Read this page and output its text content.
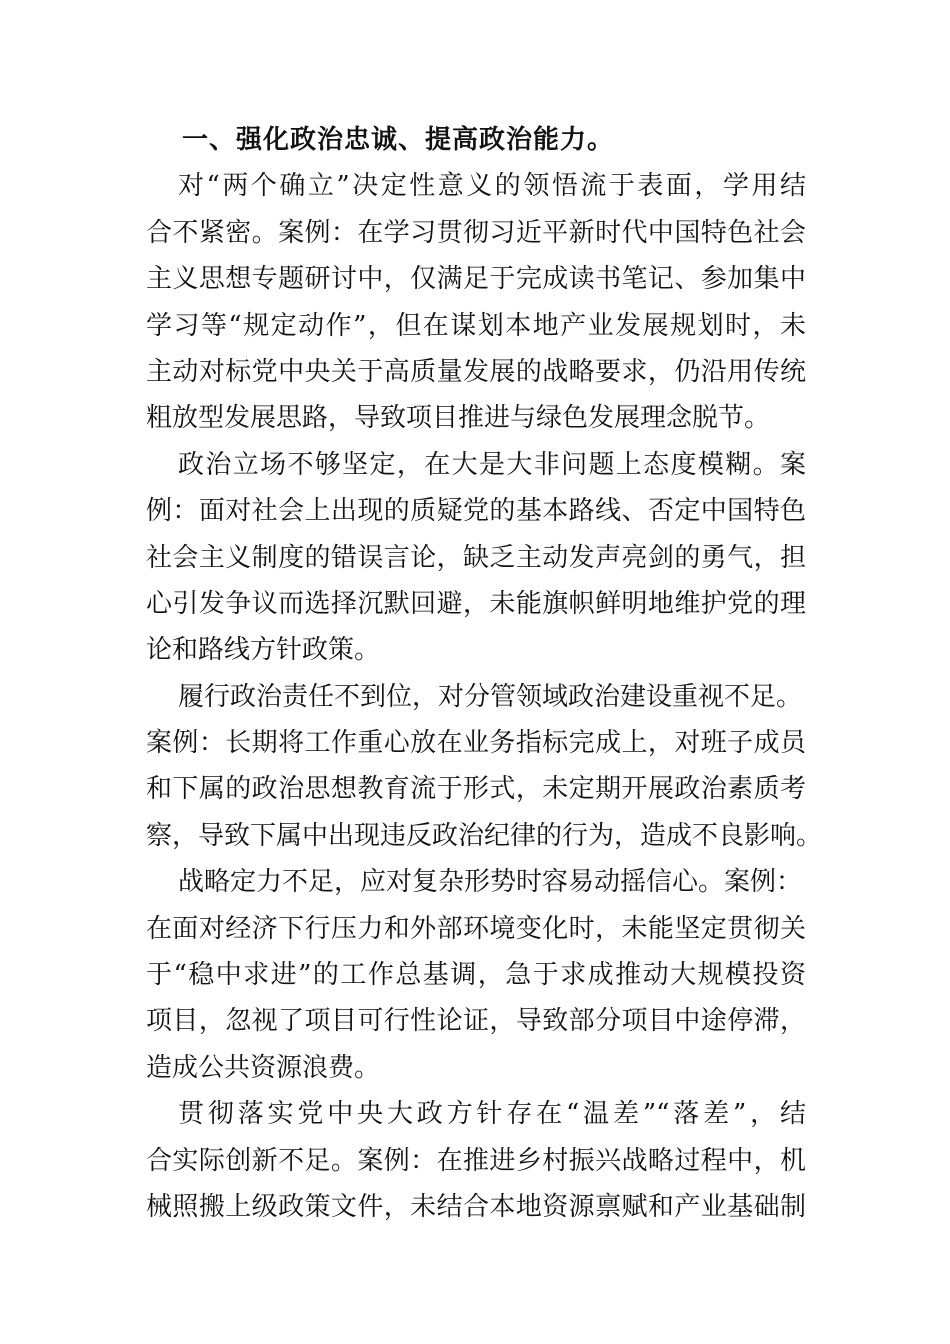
一、强化政治忠诚、提高政治能力。
对“两个确立”决定性意义的领悟流于表面，学用结
合不紧密。案例：在学习贯彻习近平新时代中国特色社会
主义思想专题研讨中，仅满足于完成读书笔记、参加集中
学习等“规定动作”，但在谋划本地产业发展规划时，未
主动对标党中央关于高质量发展的战略要求，仍沿用传统
粗放型发展思路，导致项目推进与绿色发展理念脱节。
政治立场不够坚定，在大是大非问题上态度模糊。案
例：面对社会上出现的质疑党的基本路线、否定中国特色
社会主义制度的错误言论，缺乏主动发声亮剑的勇气，担
心引发争议而选择沉默回避，未能旗帜鲜明地维护党的理
论和路线方针政策。
履行政治责任不到位，对分管领域政治建设重视不足。
案例：长期将工作重心放在业务指标完成上，对班子成员
和下属的政治思想教育流于形式，未定期开展政治素质考
察，导致下属中出现违反政治纪律的行为，造成不良影响。
战略定力不足，应对复杂形势时容易动摇信心。案例：
在面对经济下行压力和外部环境变化时，未能坚定贯彻关
于“稳中求进”的工作总基调，急于求成推动大规模投资
项目，忽视了项目可行性论证，导致部分项目中途停滞，
造成公共资源浪费。
贯彻落实党中央大政方针存在“温差”“落差”，结
合实际创新不足。案例：在推进乡村振兴战略过程中，机
械照搬上级政策文件，未结合本地资源禀赋和产业基础制
